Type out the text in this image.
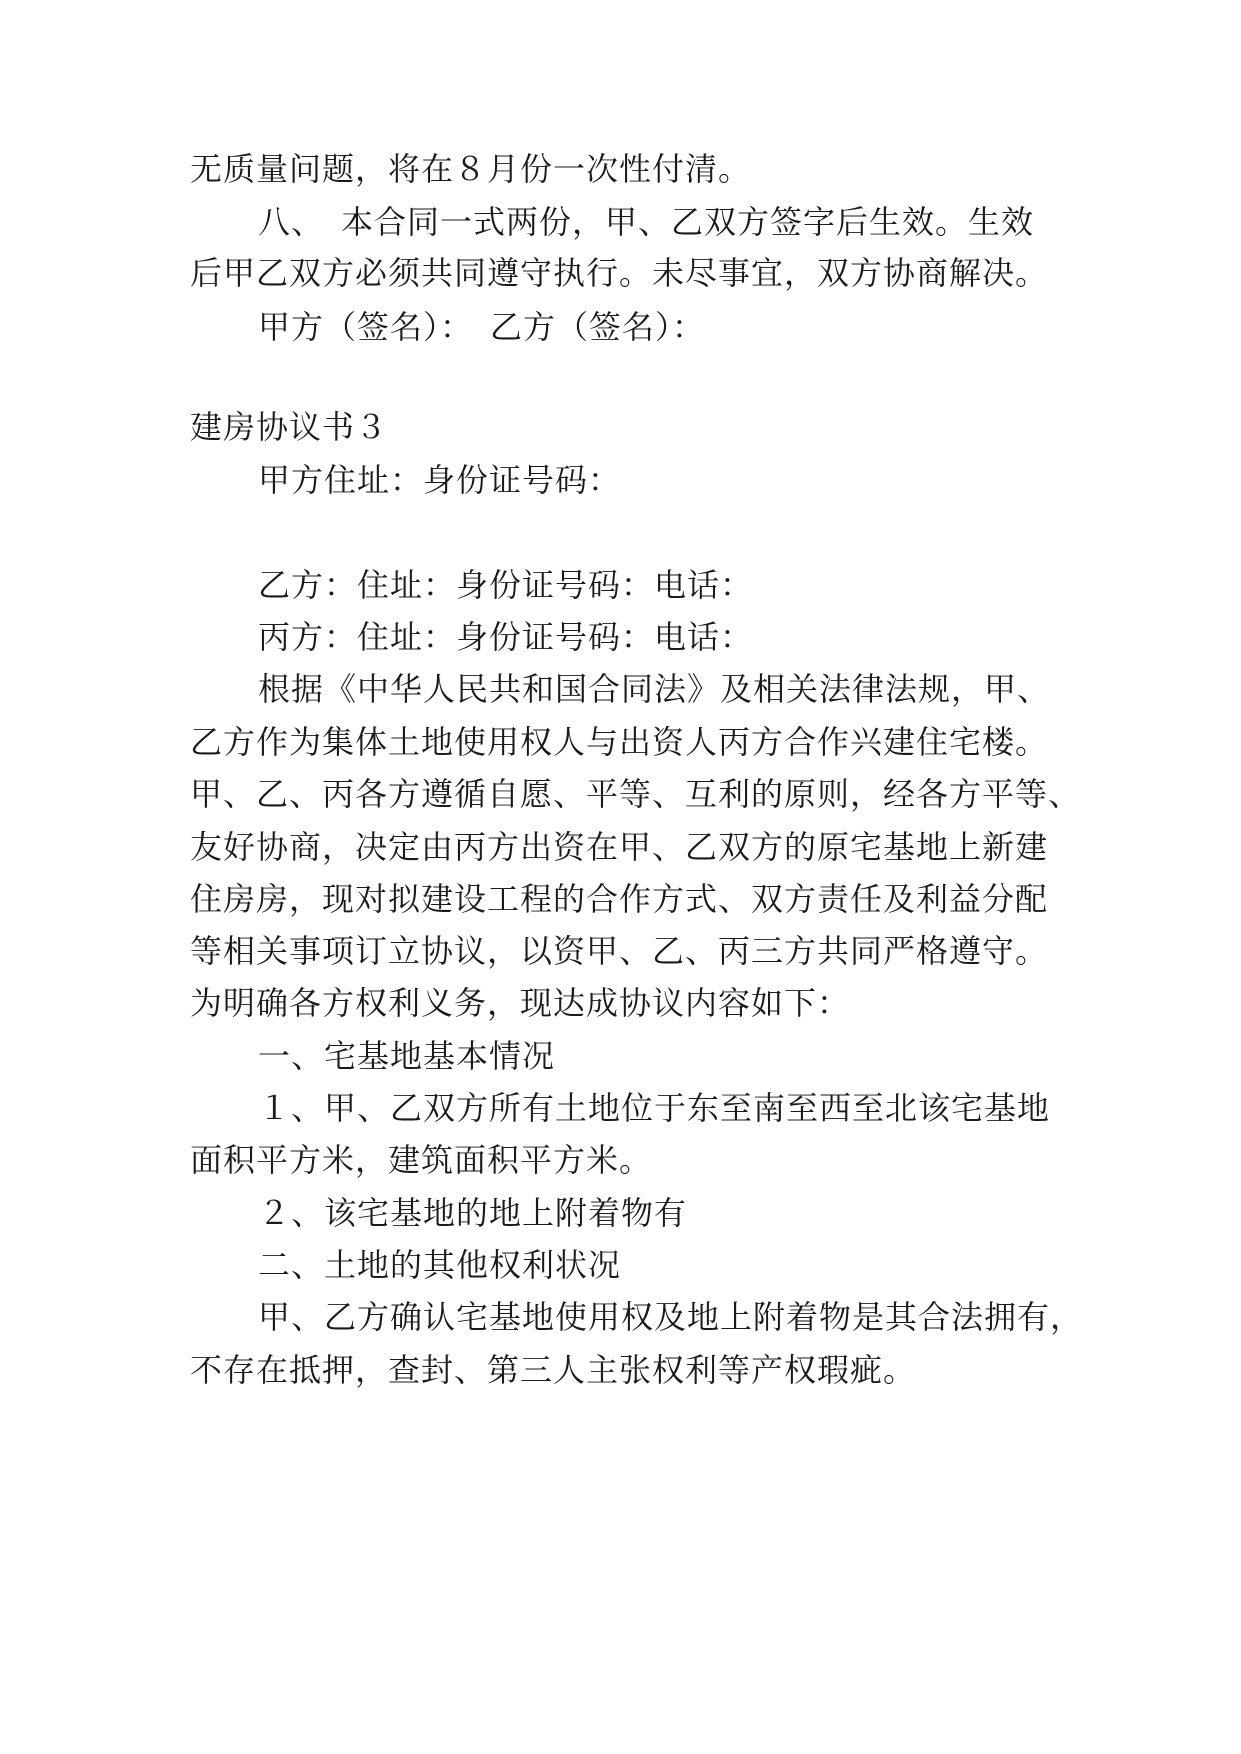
无质量问题，将在８月份一次性付清。

八、　本合同一式两份，甲、乙双方签字后生效。生效

后甲乙双方必须共同遵守执行。未尽事宜，双方协商解决。

甲方（签名）：　乙方（签名）：

建房协议书３

甲方住址：身份证号码：

乙方：住址：身份证号码：电话：

丙方：住址：身份证号码：电话：

根据《中华人民共和国合同法》及相关法律法规，甲、

乙方作为集体土地使用权人与出资人丙方合作兴建住宅楼。

甲、乙、丙各方遵循自愿、平等、互利的原则，经各方平等、

友好协商，决定由丙方出资在甲、乙双方的原宅基地上新建

住房房，现对拟建设工程的合作方式、双方责任及利益分配

等相关事项订立协议，以资甲、乙、丙三方共同严格遵守。

为明确各方权利义务，现达成协议内容如下：

一、宅基地基本情况

１、甲、乙双方所有土地位于东至南至西至北该宅基地

面积平方米，建筑面积平方米。

２、该宅基地的地上附着物有

二、土地的其他权利状况

甲、乙方确认宅基地使用权及地上附着物是其合法拥有，

不存在抵押，查封、第三人主张权利等产权瑕疵。
